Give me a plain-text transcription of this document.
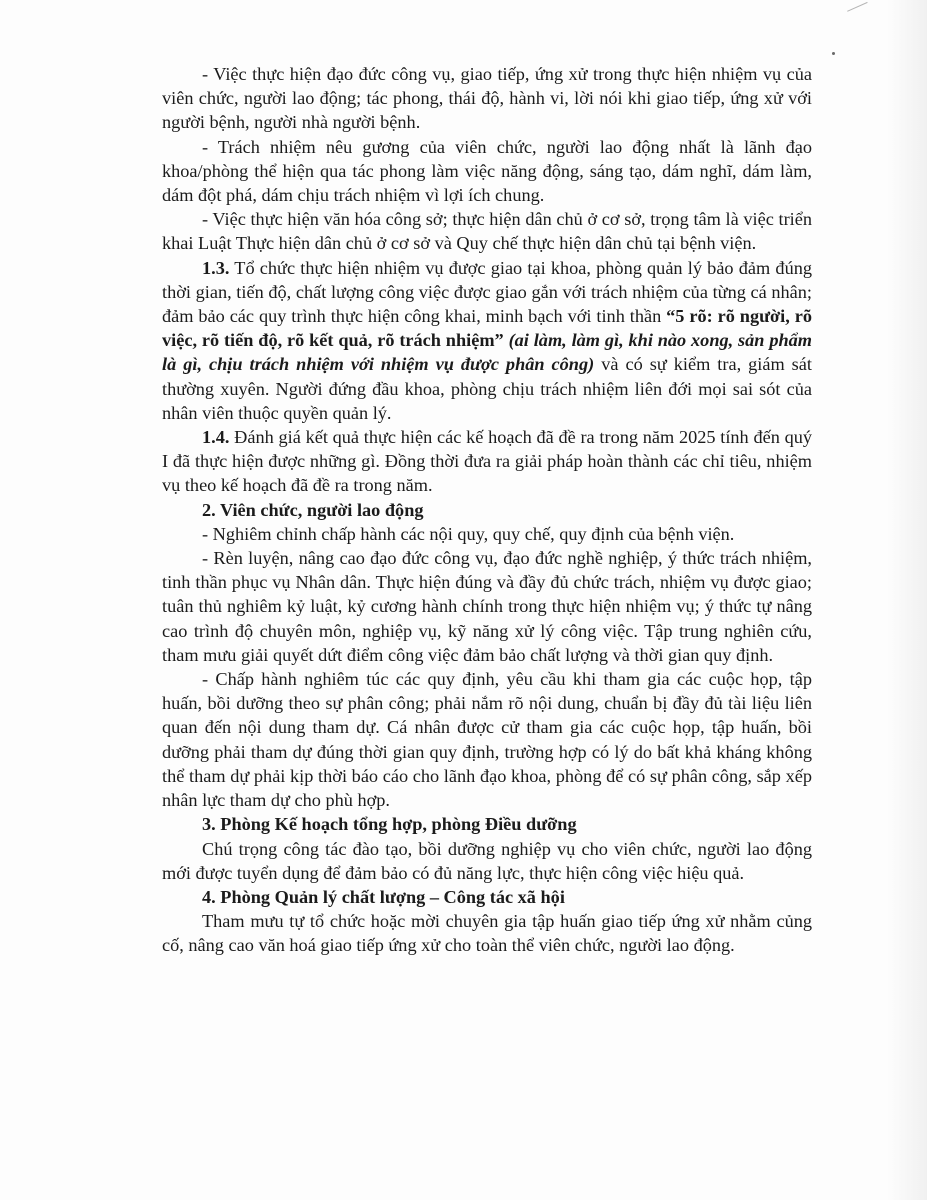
- Việc thực hiện đạo đức công vụ, giao tiếp, ứng xử trong thực hiện nhiệm vụ của viên chức, người lao động; tác phong, thái độ, hành vi, lời nói khi giao tiếp, ứng xử với người bệnh, người nhà người bệnh.

- Trách nhiệm nêu gương của viên chức, người lao động nhất là lãnh đạo khoa/phòng thể hiện qua tác phong làm việc năng động, sáng tạo, dám nghĩ, dám làm, dám đột phá, dám chịu trách nhiệm vì lợi ích chung.

- Việc thực hiện văn hóa công sở; thực hiện dân chủ ở cơ sở, trọng tâm là việc triển khai Luật Thực hiện dân chủ ở cơ sở và Quy chế thực hiện dân chủ tại bệnh viện.

1.3. Tổ chức thực hiện nhiệm vụ được giao tại khoa, phòng quản lý bảo đảm đúng thời gian, tiến độ, chất lượng công việc được giao gắn với trách nhiệm của từng cá nhân; đảm bảo các quy trình thực hiện công khai, minh bạch với tinh thần “5 rõ: rõ người, rõ việc, rõ tiến độ, rõ kết quả, rõ trách nhiệm” (ai làm, làm gì, khi nào xong, sản phẩm là gì, chịu trách nhiệm với nhiệm vụ được phân công) và có sự kiểm tra, giám sát thường xuyên. Người đứng đầu khoa, phòng chịu trách nhiệm liên đới mọi sai sót của nhân viên thuộc quyền quản lý.

1.4. Đánh giá kết quả thực hiện các kế hoạch đã đề ra trong năm 2025 tính đến quý I đã thực hiện được những gì. Đồng thời đưa ra giải pháp hoàn thành các chỉ tiêu, nhiệm vụ theo kế hoạch đã đề ra trong năm.

2. Viên chức, người lao động

- Nghiêm chỉnh chấp hành các nội quy, quy chế, quy định của bệnh viện.

- Rèn luyện, nâng cao đạo đức công vụ, đạo đức nghề nghiệp, ý thức trách nhiệm, tinh thần phục vụ Nhân dân. Thực hiện đúng và đầy đủ chức trách, nhiệm vụ được giao; tuân thủ nghiêm kỷ luật, kỷ cương hành chính trong thực hiện nhiệm vụ; ý thức tự nâng cao trình độ chuyên môn, nghiệp vụ, kỹ năng xử lý công việc. Tập trung nghiên cứu, tham mưu giải quyết dứt điểm công việc đảm bảo chất lượng và thời gian quy định.

- Chấp hành nghiêm túc các quy định, yêu cầu khi tham gia các cuộc họp, tập huấn, bồi dưỡng theo sự phân công; phải nắm rõ nội dung, chuẩn bị đầy đủ tài liệu liên quan đến nội dung tham dự. Cá nhân được cử tham gia các cuộc họp, tập huấn, bồi dưỡng phải tham dự đúng thời gian quy định, trường hợp có lý do bất khả kháng không thể tham dự phải kịp thời báo cáo cho lãnh đạo khoa, phòng để có sự phân công, sắp xếp nhân lực tham dự cho phù hợp.

3. Phòng Kế hoạch tổng hợp, phòng Điều dưỡng

Chú trọng công tác đào tạo, bồi dưỡng nghiệp vụ cho viên chức, người lao động mới được tuyển dụng để đảm bảo có đủ năng lực, thực hiện công việc hiệu quả.

4. Phòng Quản lý chất lượng – Công tác xã hội

Tham mưu tự tổ chức hoặc mời chuyên gia tập huấn giao tiếp ứng xử nhằm củng cố, nâng cao văn hoá giao tiếp ứng xử cho toàn thể viên chức, người lao động.
